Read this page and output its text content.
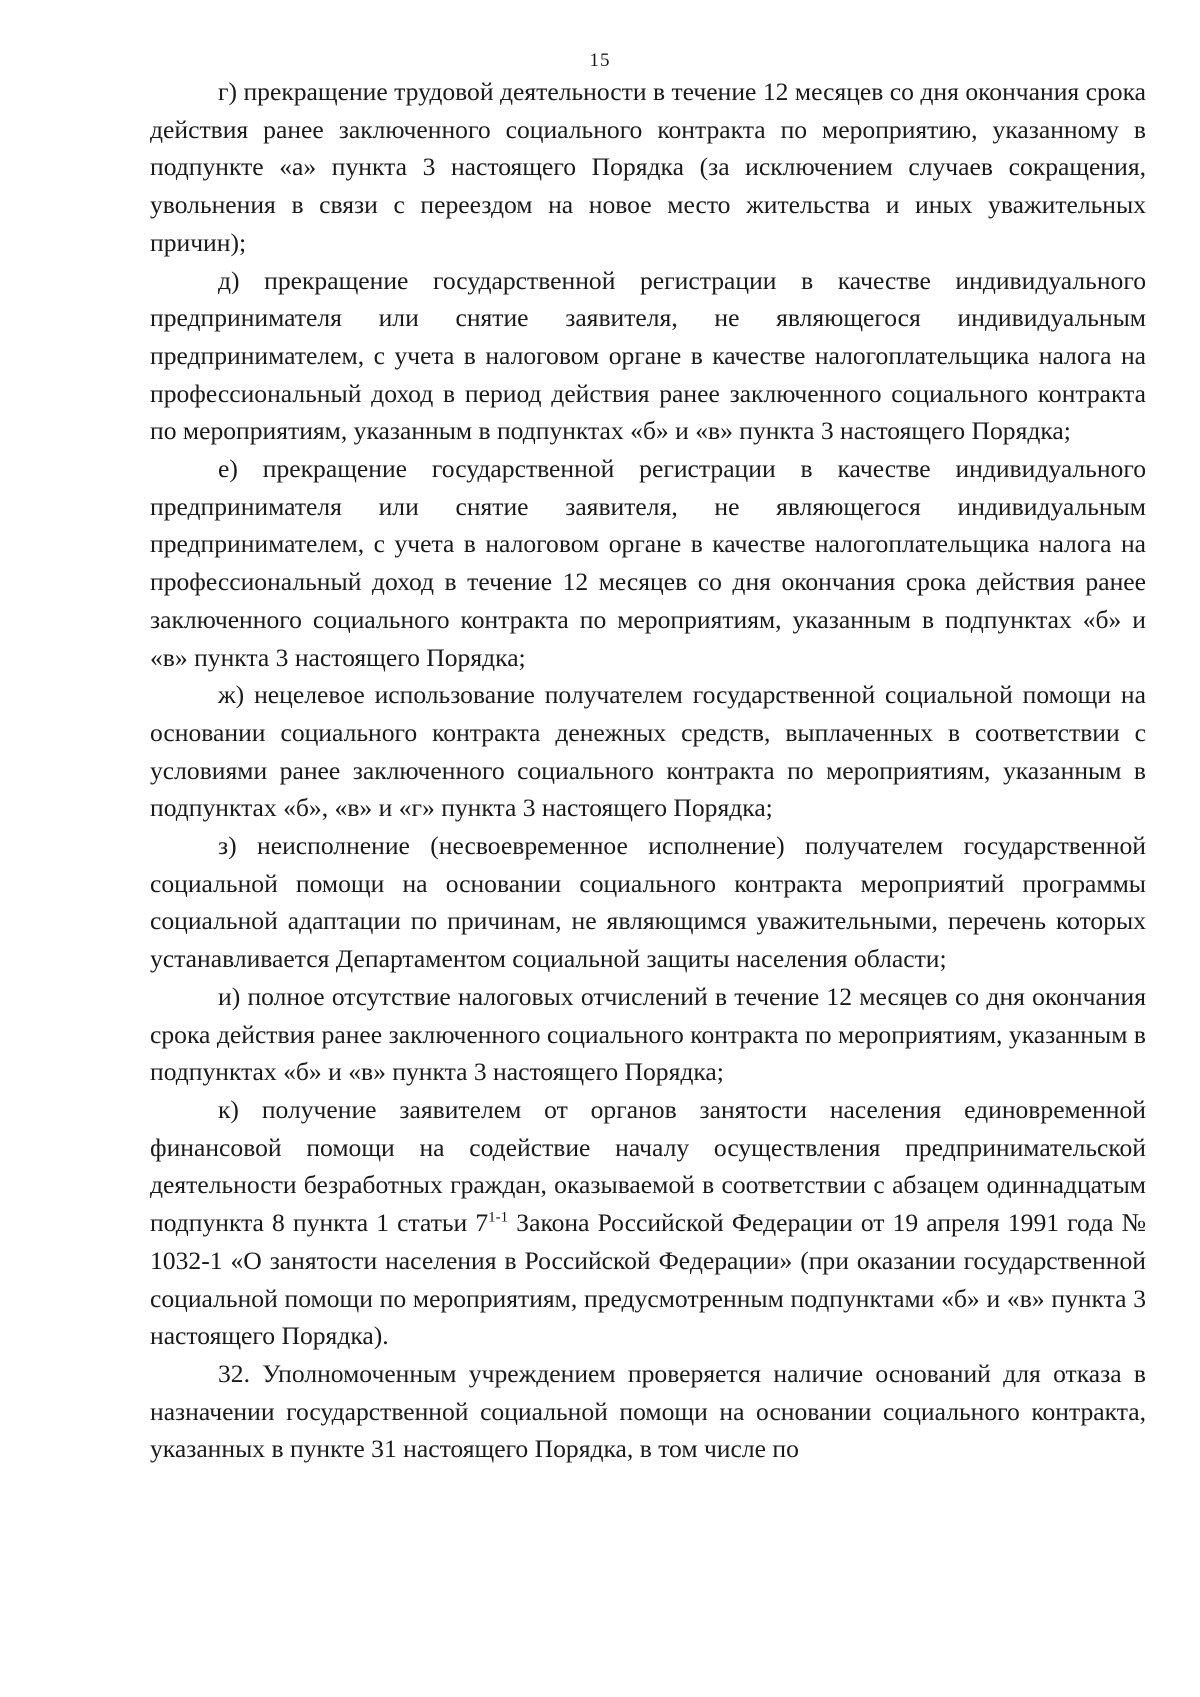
15

г) прекращение трудовой деятельности в течение 12 месяцев со дня окончания срока действия ранее заключенного социального контракта по мероприятию, указанному в подпункте «а» пункта 3 настоящего Порядка (за исключением случаев сокращения, увольнения в связи с переездом на новое место жительства и иных уважительных причин);

д) прекращение государственной регистрации в качестве индивидуального предпринимателя или снятие заявителя, не являющегося индивидуальным предпринимателем, с учета в налоговом органе в качестве налогоплательщика налога на профессиональный доход в период действия ранее заключенного социального контракта по мероприятиям, указанным в подпунктах «б» и «в» пункта 3 настоящего Порядка;

е) прекращение государственной регистрации в качестве индивидуального предпринимателя или снятие заявителя, не являющегося индивидуальным предпринимателем, с учета в налоговом органе в качестве налогоплательщика налога на профессиональный доход в течение 12 месяцев со дня окончания срока действия ранее заключенного социального контракта по мероприятиям, указанным в подпунктах «б» и «в» пункта 3 настоящего Порядка;

ж) нецелевое использование получателем государственной социальной помощи на основании социального контракта денежных средств, выплаченных в соответствии с условиями ранее заключенного социального контракта по мероприятиям, указанным в подпунктах «б», «в» и «г» пункта 3 настоящего Порядка;

з) неисполнение (несвоевременное исполнение) получателем государственной социальной помощи на основании социального контракта мероприятий программы социальной адаптации по причинам, не являющимся уважительными, перечень которых устанавливается Департаментом социальной защиты населения области;

и) полное отсутствие налоговых отчислений в течение 12 месяцев со дня окончания срока действия ранее заключенного социального контракта по мероприятиям, указанным в подпунктах «б» и «в» пункта 3 настоящего Порядка;

к) получение заявителем от органов занятости населения единовременной финансовой помощи на содействие началу осуществления предпринимательской деятельности безработных граждан, оказываемой в соответствии с абзацем одиннадцатым подпункта 8 пункта 1 статьи 7$^{1-1}$ Закона Российской Федерации от 19 апреля 1991 года № 1032-1 «О занятости населения в Российской Федерации» (при оказании государственной социальной помощи по мероприятиям, предусмотренным подпунктами «б» и «в» пункта 3 настоящего Порядка).

32. Уполномоченным учреждением проверяется наличие оснований для отказа в назначении государственной социальной помощи на основании социального контракта, указанных в пункте 31 настоящего Порядка, в том числе по
